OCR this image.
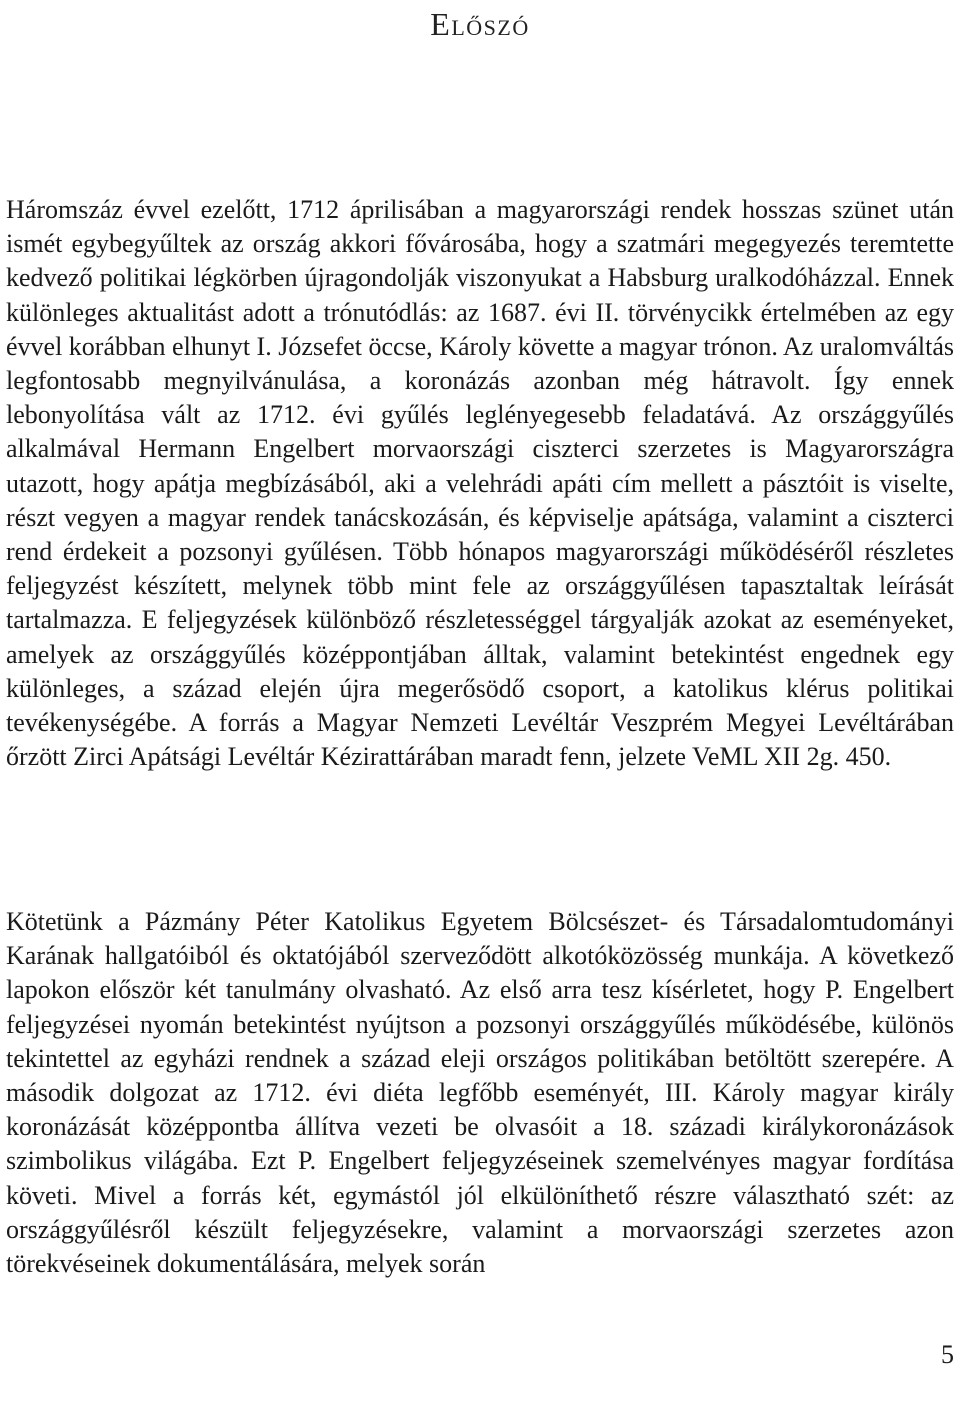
Előszó

Háromszáz évvel ezelőtt, 1712 áprilisában a magyarországi rendek hosszas szünet után ismét egybegyűltek az ország akkori fővárosába, hogy a szatmári megegyezés teremtette kedvező politikai légkörben újragondolják viszonyukat a Habsburg uralkodóházzal. Ennek különleges aktualitást adott a trónutódlás: az 1687. évi II. törvénycikk értelmében az egy évvel korábban elhunyt I. Józsefet öccse, Károly követte a magyar trónon. Az uralomváltás legfontosabb megnyilvánulása, a koronázás azonban még hátravolt. Így ennek lebonyolítása vált az 1712. évi gyűlés leglényegesebb feladatává. Az országgyűlés alkalmával Hermann Engelbert morvaországi ciszterci szerzetes is Magyarországra utazott, hogy apátja megbízásából, aki a velehrádi apáti cím mellett a pásztóit is viselte, részt vegyen a magyar rendek tanácskozásán, és képviselje apátsága, valamint a ciszterci rend érdekeit a pozsonyi gyűlésen. Több hónapos magyarországi működéséről részletes feljegyzést készített, melynek több mint fele az országgyűlésen tapasztaltak leírását tartalmazza. E feljegyzések különböző részletességgel tárgyalják azokat az eseményeket, amelyek az országgyűlés középpontjában álltak, valamint betekintést engednek egy különleges, a század elején újra megerősödő csoport, a katolikus klérus politikai tevékenységébe. A forrás a Magyar Nemzeti Levéltár Veszprém Megyei Levéltárában őrzött Zirci Apátsági Levéltár Kézirattárában maradt fenn, jelzete VeML XII 2g. 450.

Kötetünk a Pázmány Péter Katolikus Egyetem Bölcsészet- és Társadalomtudományi Karának hallgatóiból és oktatójából szerveződött alkotóközösség munkája. A következő lapokon először két tanulmány olvasható. Az első arra tesz kísérletet, hogy P. Engelbert feljegyzései nyomán betekintést nyújtson a pozsonyi országgyűlés működésébe, különös tekintettel az egyházi rendnek a század eleji országos politikában betöltött szerepére. A második dolgozat az 1712. évi diéta legfőbb eseményét, III. Károly magyar király koronázását középpontba állítva vezeti be olvasóit a 18. századi királykoronázások szimbolikus világába. Ezt P. Engelbert feljegyzéseinek szemelvényes magyar fordítása követi. Mivel a forrás két, egymástól jól elkülöníthető részre választható szét: az országgyűlésről készült feljegyzésekre, valamint a morvaországi szerzetes azon törekvéseinek dokumentálására, melyek során

5
